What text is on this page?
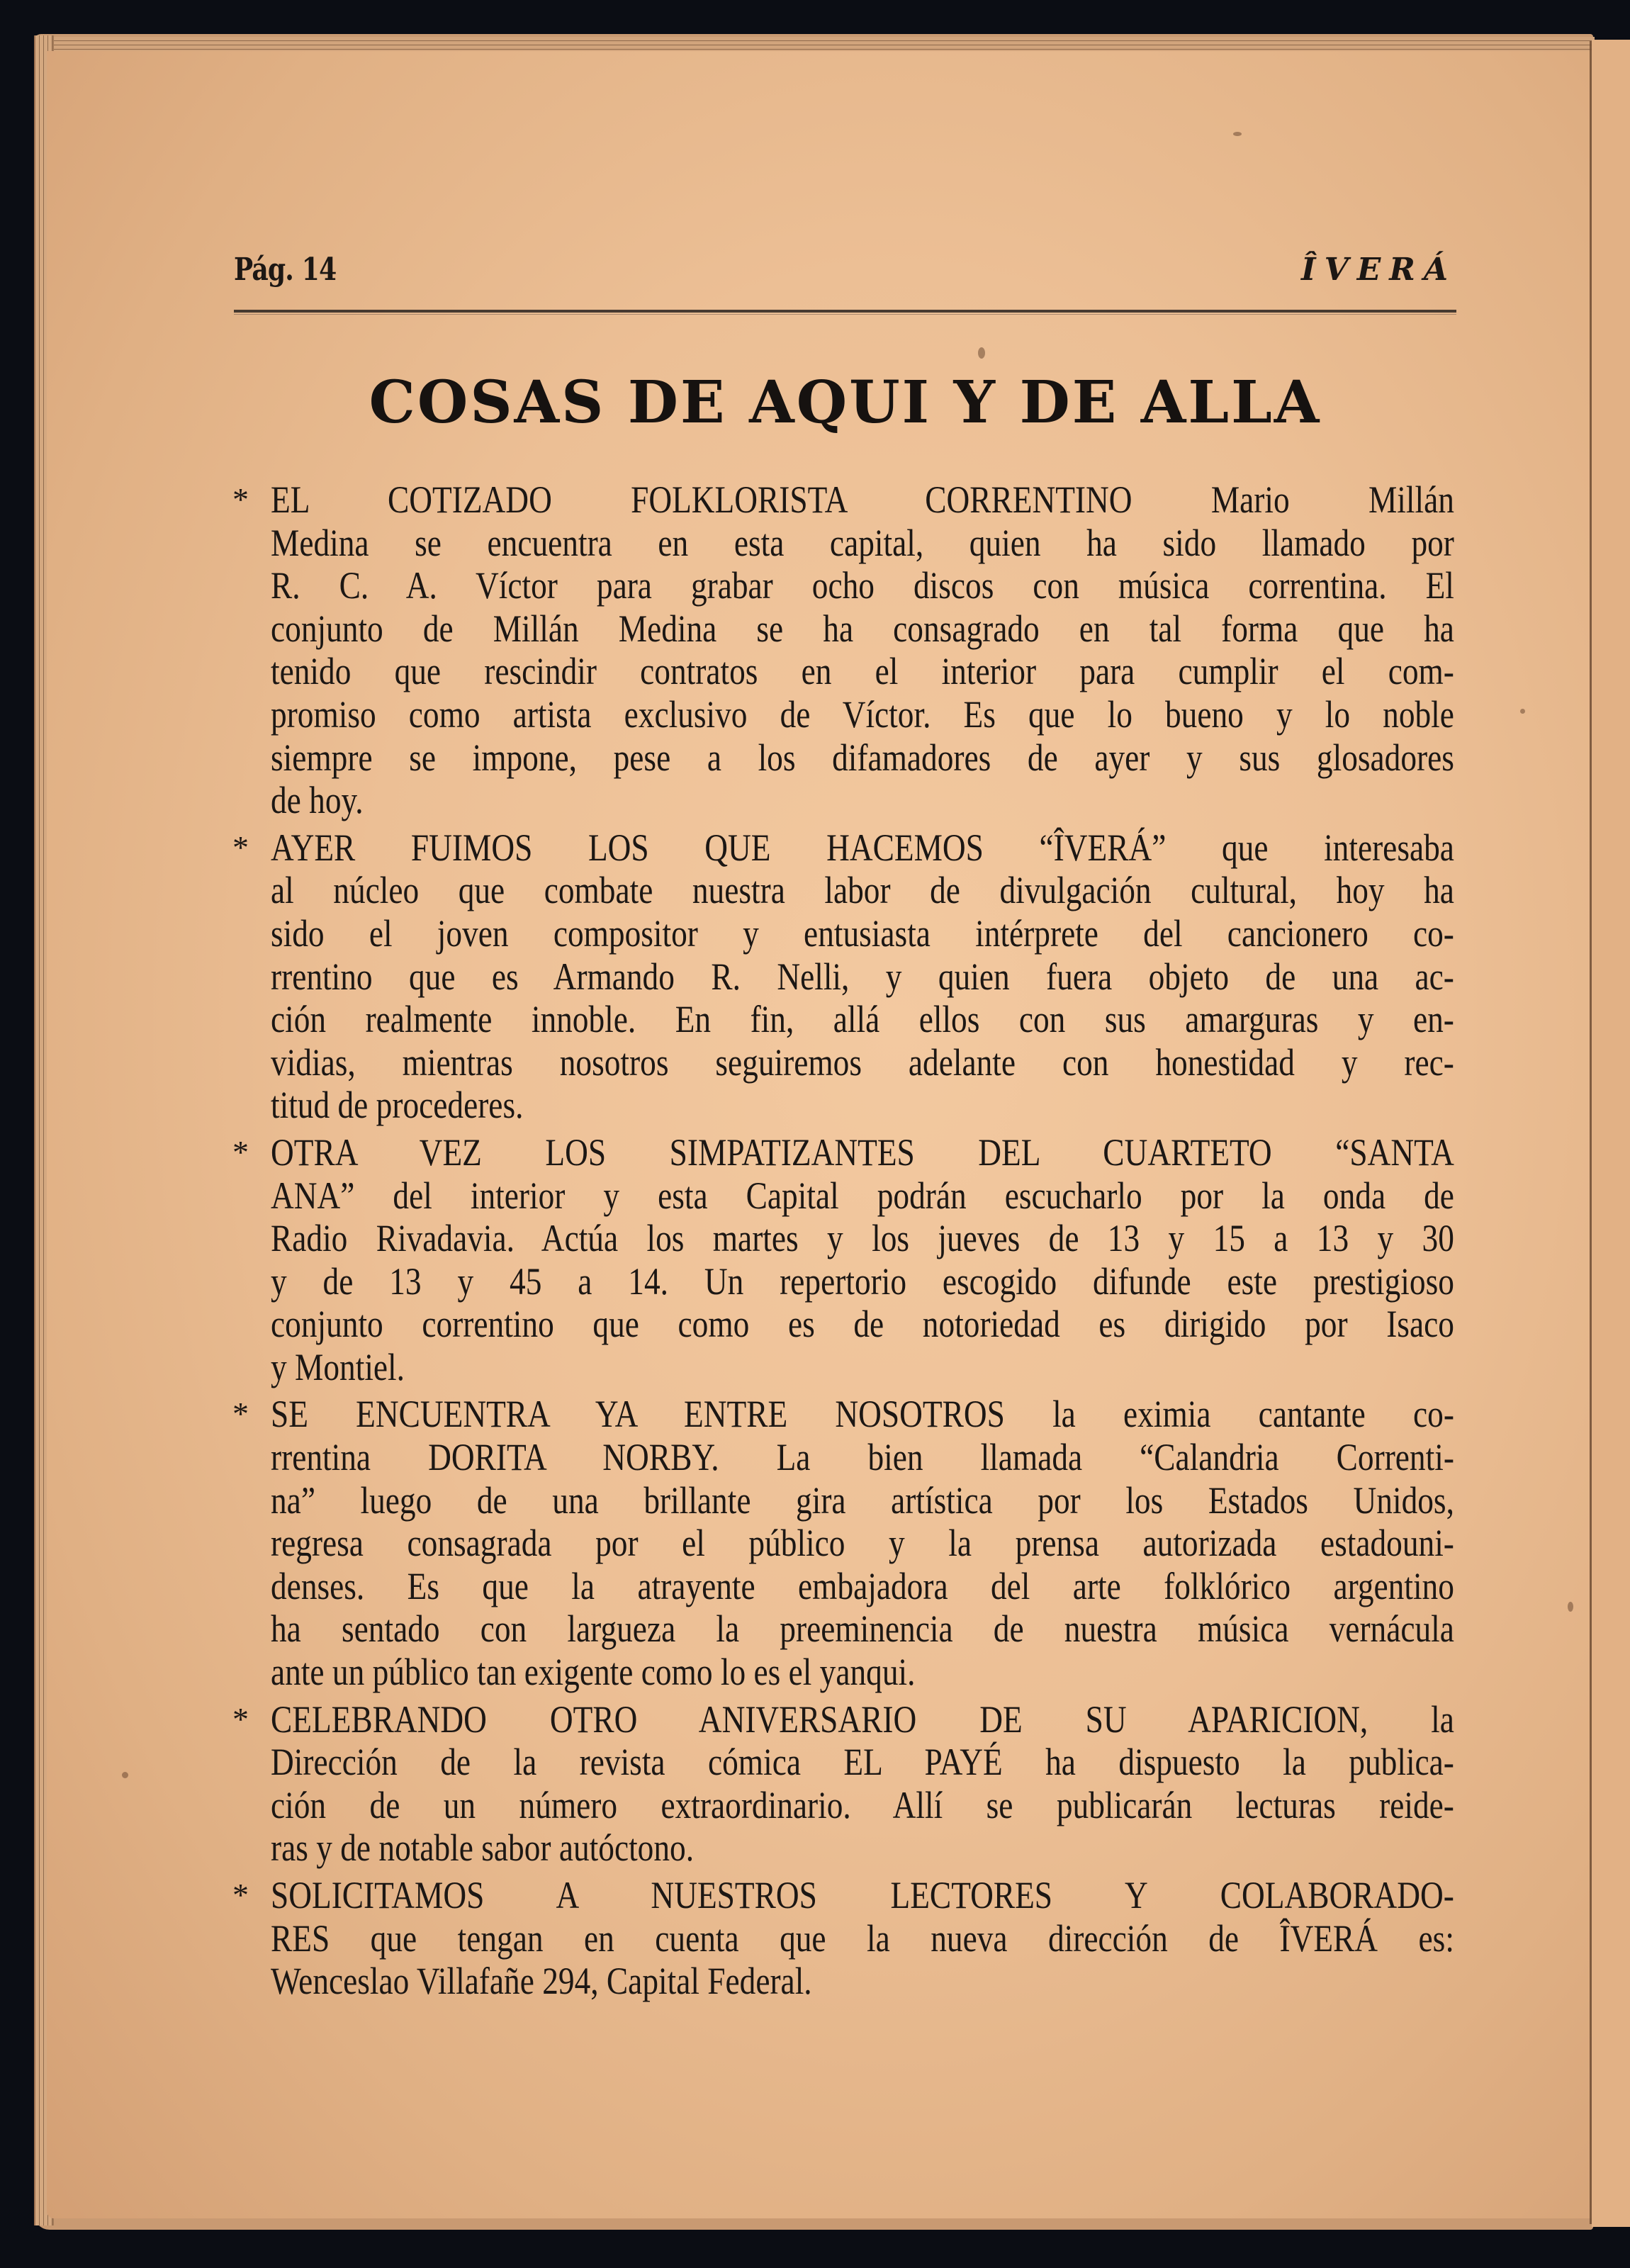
Pág. 14	ÎVERÁ
COSAS DE AQUI Y DE ALLA
* EL COTIZADO FOLKLORISTA CORRENTINO Mario Millán
Medina se encuentra en esta capital, quien ha sido llamado por
R. C. A. Víctor para grabar ocho discos con música correntina. El
conjunto de Millán Medina se ha consagrado en tal forma que ha
tenido que rescindir contratos en el interior para cumplir el com-
promiso como artista exclusivo de Víctor. Es que lo bueno y lo noble
siempre se impone, pese a los difamadores de ayer y sus glosadores
de hoy.
* AYER FUIMOS LOS QUE HACEMOS “ÎVERÁ” que interesaba
al núcleo que combate nuestra labor de divulgación cultural, hoy ha
sido el joven compositor y entusiasta intérprete del cancionero co-
rrentino que es Armando R. Nelli, y quien fuera objeto de una ac-
ción realmente innoble. En fin, allá ellos con sus amarguras y en-
vidias, mientras nosotros seguiremos adelante con honestidad y rec-
titud de procederes.
* OTRA VEZ LOS SIMPATIZANTES DEL CUARTETO “SANTA
ANA” del interior y esta Capital podrán escucharlo por la onda de
Radio Rivadavia. Actúa los martes y los jueves de 13 y 15 a 13 y 30
y de 13 y 45 a 14. Un repertorio escogido difunde este prestigioso
conjunto correntino que como es de notoriedad es dirigido por Isaco
y Montiel.
* SE ENCUENTRA YA ENTRE NOSOTROS la eximia cantante co-
rrentina DORITA NORBY. La bien llamada “Calandria Correnti-
na” luego de una brillante gira artística por los Estados Unidos,
regresa consagrada por el público y la prensa autorizada estadouni-
denses. Es que la atrayente embajadora del arte folklórico argentino
ha sentado con largueza la preeminencia de nuestra música vernácula
ante un público tan exigente como lo es el yanqui.
* CELEBRANDO OTRO ANIVERSARIO DE SU APARICION, la
Dirección de la revista cómica EL PAYÉ ha dispuesto la publica-
ción de un número extraordinario. Allí se publicarán lecturas reide-
ras y de notable sabor autóctono.
* SOLICITAMOS A NUESTROS LECTORES Y COLABORADO-
RES que tengan en cuenta que la nueva dirección de ÎVERÁ es:
Wenceslao Villafañe 294, Capital Federal.
